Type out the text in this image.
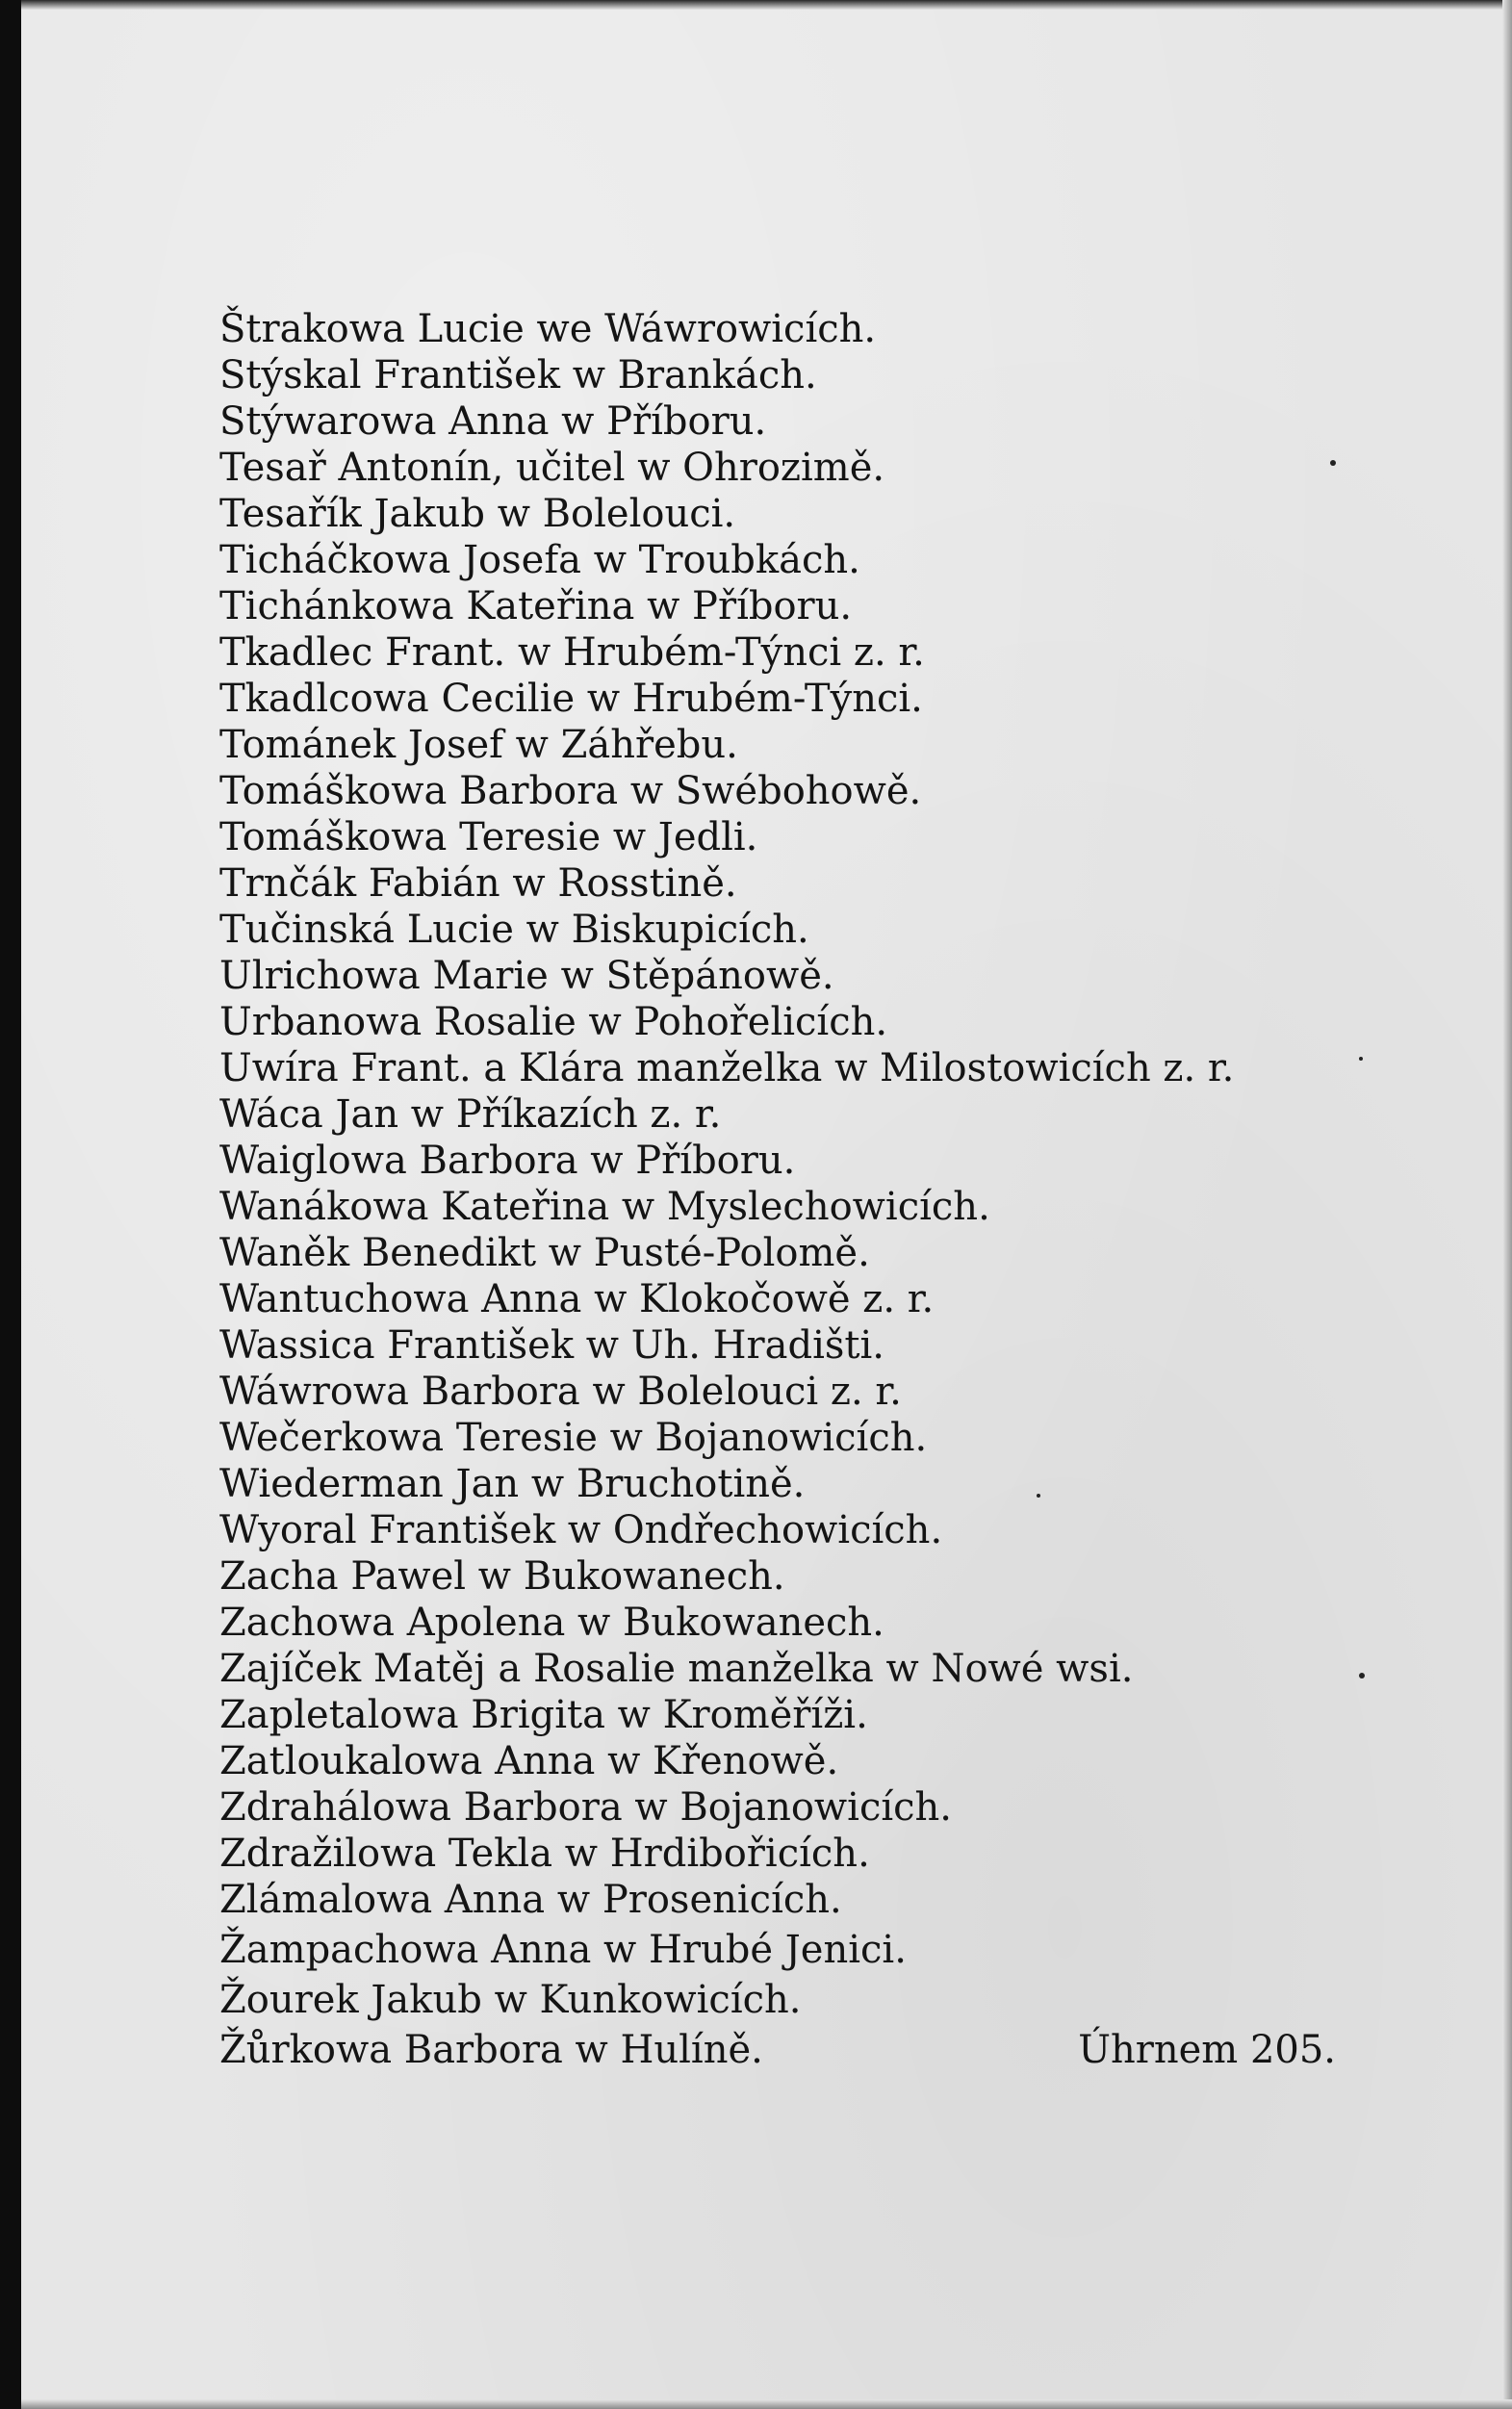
Štrakowa Lucie we Wáwrowicích.
Stýskal František w Brankách.
Stýwarowa Anna w Příboru.
Tesař Antonín, učitel w Ohrozimě.
Tesařík Jakub w Bolelouci.
Ticháčkowa Josefa w Troubkách.
Tichánkowa Kateřina w Příboru.
Tkadlec Frant. w Hrubém-Týnci z. r.
Tkadlcowa Cecilie w Hrubém-Týnci.
Tománek Josef w Záhřebu.
Tomáškowa Barbora w Swébohowě.
Tomáškowa Teresie w Jedli.
Trnčák Fabián w Rosstině.
Tučinská Lucie w Biskupicích.
Ulrichowa Marie w Stěpánowě.
Urbanowa Rosalie w Pohořelicích.
Uwíra Frant. a Klára manželka w Milostowicích z. r.
Wáca Jan w Příkazích z. r.
Waiglowa Barbora w Příboru.
Wanákowa Kateřina w Myslechowicích.
Waněk Benedikt w Pusté-Polomě.
Wantuchowa Anna w Klokočowě z. r.
Wassica František w Uh. Hradišti.
Wáwrowa Barbora w Bolelouci z. r.
Wečerkowa Teresie w Bojanowicích.
Wiederman Jan w Bruchotině.
Wyoral František w Ondřechowicích.
Zacha Pawel w Bukowanech.
Zachowa Apolena w Bukowanech.
Zajíček Matěj a Rosalie manželka w Nowé wsi.
Zapletalowa Brigita w Kroměříži.
Zatloukalowa Anna w Křenowě.
Zdrahálowa Barbora w Bojanowicích.
Zdražilowa Tekla w Hrdibořicích.
Zlámalowa Anna w Prosenicích.
Žampachowa Anna w Hrubé Jenici.
Žourek Jakub w Kunkowicích.
Žůrkowa Barbora w Hulíně.	Úhrnem 205.
